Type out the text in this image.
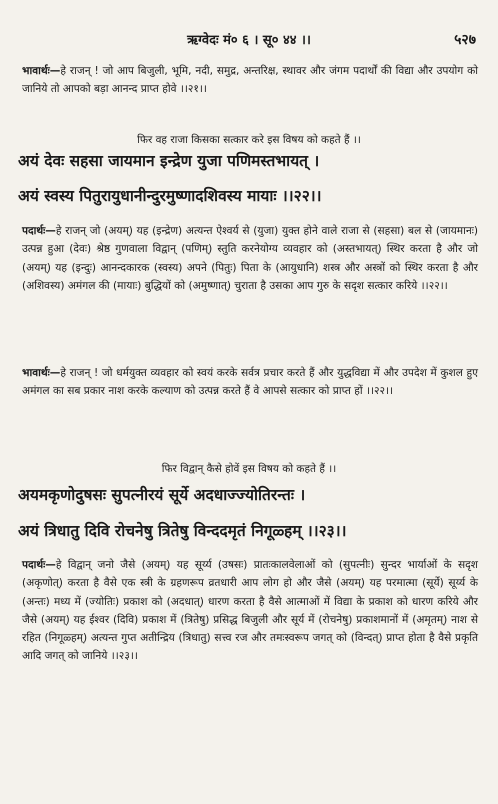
ऋग्वेदः मं० ६ । सू० ४४ ।।	५२७
भावार्थः—हे राजन् ! जो आप बिजुली, भूमि, नदी, समुद्र, अन्तरिक्ष, स्थावर और जंगम पदार्थों की विद्या और उपयोग को जानिये तो आपको बड़ा आनन्द प्राप्त होवे ।।२१।।
फिर वह राजा किसका सत्कार करे इस विषय को कहते हैं ।।
अयं देवः सहसा जायमान इन्द्रेण युजा पणिमस्तभायत् ।
अयं स्वस्य पितुरायुधानीन्दुरमुष्णादशिवस्य मायाः ।।२२।।
पदार्थः—हे राजन् जो (अयम्) यह (इन्द्रेण) अत्यन्त ऐश्वर्य से (युजा) युक्त होने वाले राजा से (सहसा) बल से (जायमानः) उत्पन्न हुआ (देवः) श्रेष्ठ गुणवाला विद्वान् (पणिम्) स्तुति करनेयोग्य व्यवहार को (अस्तभायत्) स्थिर करता है और जो (अयम्) यह (इन्दुः) आनन्दकारक (स्वस्य) अपने (पितुः) पिता के (आयुधानि) शस्त्र और अस्त्रों को स्थिर करता है और (अशिवस्य) अमंगल की (मायाः) बुद्धियों को (अमुष्णात्) चुराता है उसका आप गुरु के सदृश सत्कार करिये ।।२२।।
भावार्थः—हे राजन् ! जो धर्मयुक्त व्यवहार को स्वयं करके सर्वत्र प्रचार करते हैं और युद्धविद्या में और उपदेश में कुशल हुए अमंगल का सब प्रकार नाश करके कल्याण को उत्पन्न करते हैं वे आपसे सत्कार को प्राप्त हों ।।२२।।
फिर विद्वान् कैसे होवें इस विषय को कहते हैं ।।
अयमकृणोदुषसः सुपत्नीरयं सूर्ये अदधाज्ज्योतिरन्तः ।
अयं त्रिधातु दिवि रोचनेषु त्रितेषु विन्ददमृतं निगूळ्हम् ।।२३।।
पदार्थः—हे विद्वान् जनो जैसे (अयम्) यह सूर्य्य (उषसः) प्रातःकालवेलाओं को (सुपत्नीः) सुन्दर भार्याओं के सदृश (अकृणोत्) करता है वैसे एक स्त्री के ग्रहणरूप व्रतधारी आप लोग हो और जैसे (अयम्) यह परमात्मा (सूर्ये) सूर्य्य के (अन्तः) मध्य में (ज्योतिः) प्रकाश को (अदधात्) धारण करता है वैसे आत्माओं में विद्या के प्रकाश को धारण करिये और जैसे (अयम्) यह ईश्वर (दिवि) प्रकाश में (त्रितेषु) प्रसिद्ध बिजुली और सूर्य में (रोचनेषु) प्रकाशमानों में (अमृतम्) नाश से रहित (निगूळ्हम्) अत्यन्त गुप्त अतीन्द्रिय (त्रिधातु) सत्त्व रज और तमःस्वरूप जगत् को (विन्दत्) प्राप्त होता है वैसे प्रकृति आदि जगत् को जानिये ।।२३।।
